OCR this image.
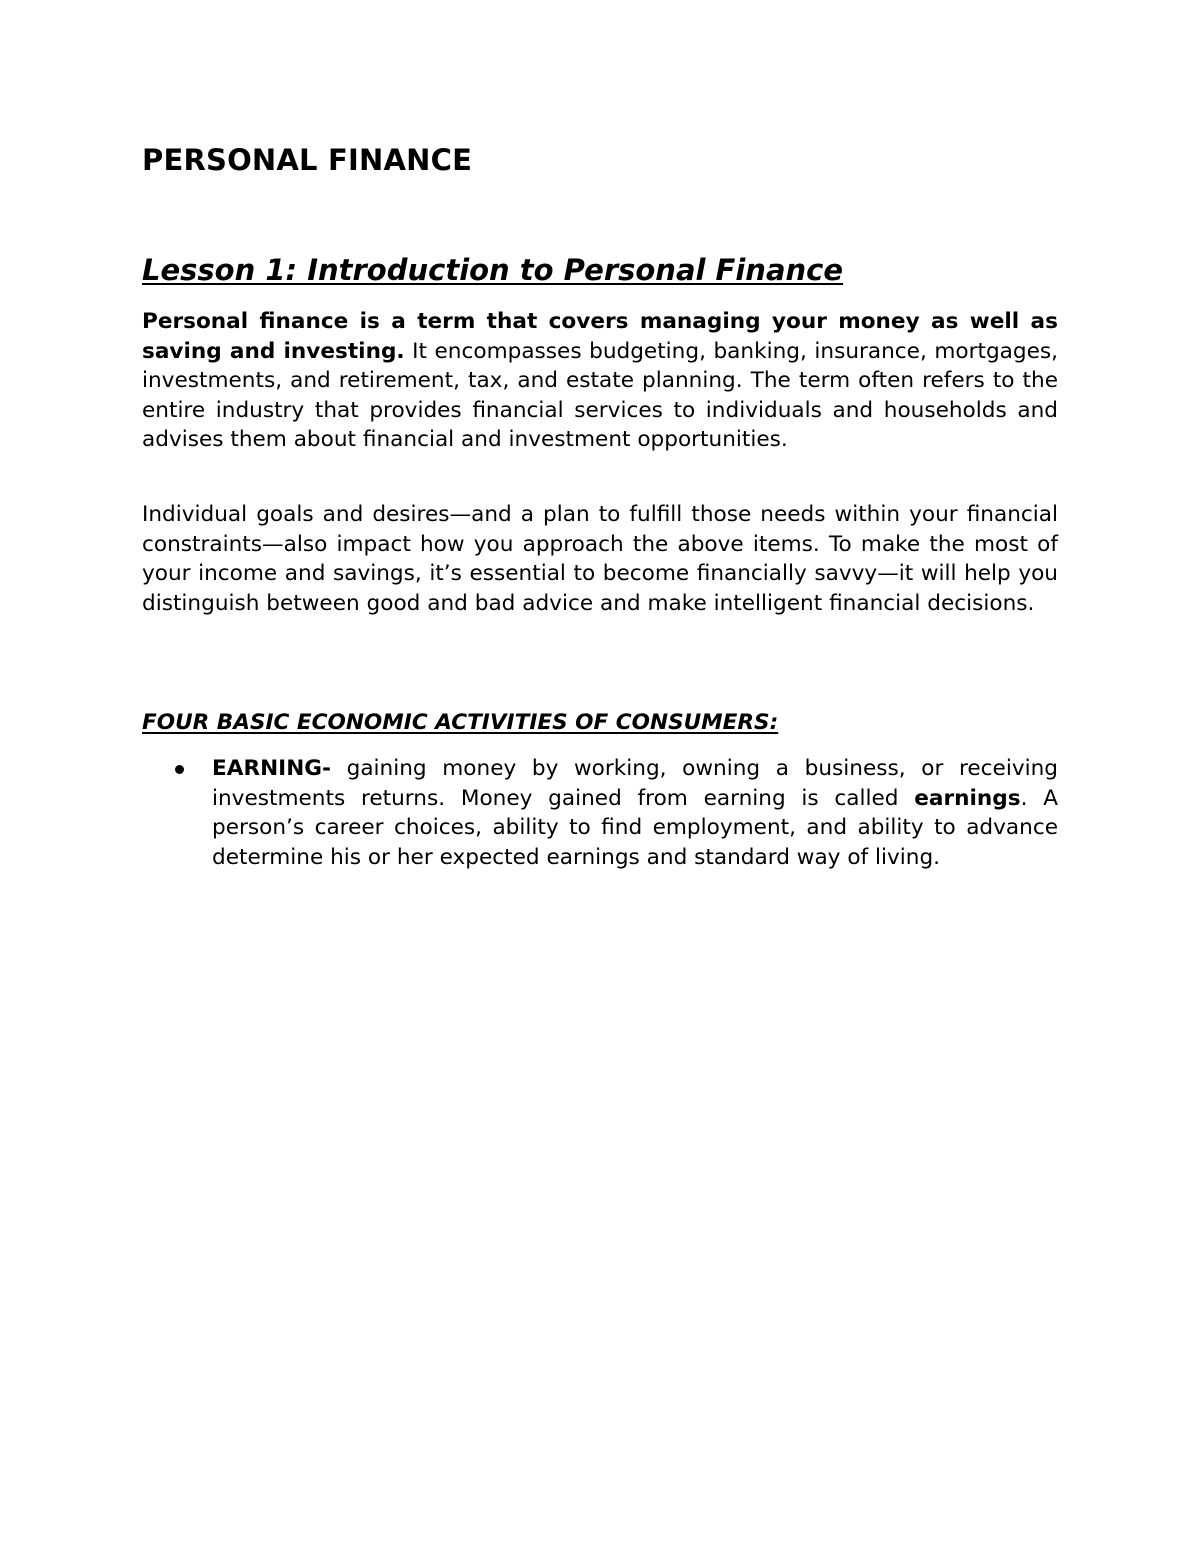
PERSONAL FINANCE
Lesson 1: Introduction to Personal Finance

Personal finance is a term that covers managing your money as well as saving and investing. It encompasses budgeting, banking, insurance, mortgages, investments, and retirement, tax, and estate planning. The term often refers to the entire industry that provides financial services to individuals and households and advises them about financial and investment opportunities.

Individual goals and desires—and a plan to fulfill those needs within your financial constraints—also impact how you approach the above items. To make the most of your income and savings, it’s essential to become financially savvy—it will help you distinguish between good and bad advice and make intelligent financial decisions.

FOUR BASIC ECONOMIC ACTIVITIES OF CONSUMERS:
EARNING- gaining money by working, owning a business, or receiving investments returns. Money gained from earning is called earnings. A person’s career choices, ability to find employment, and ability to advance determine his or her expected earnings and standard way of living.
